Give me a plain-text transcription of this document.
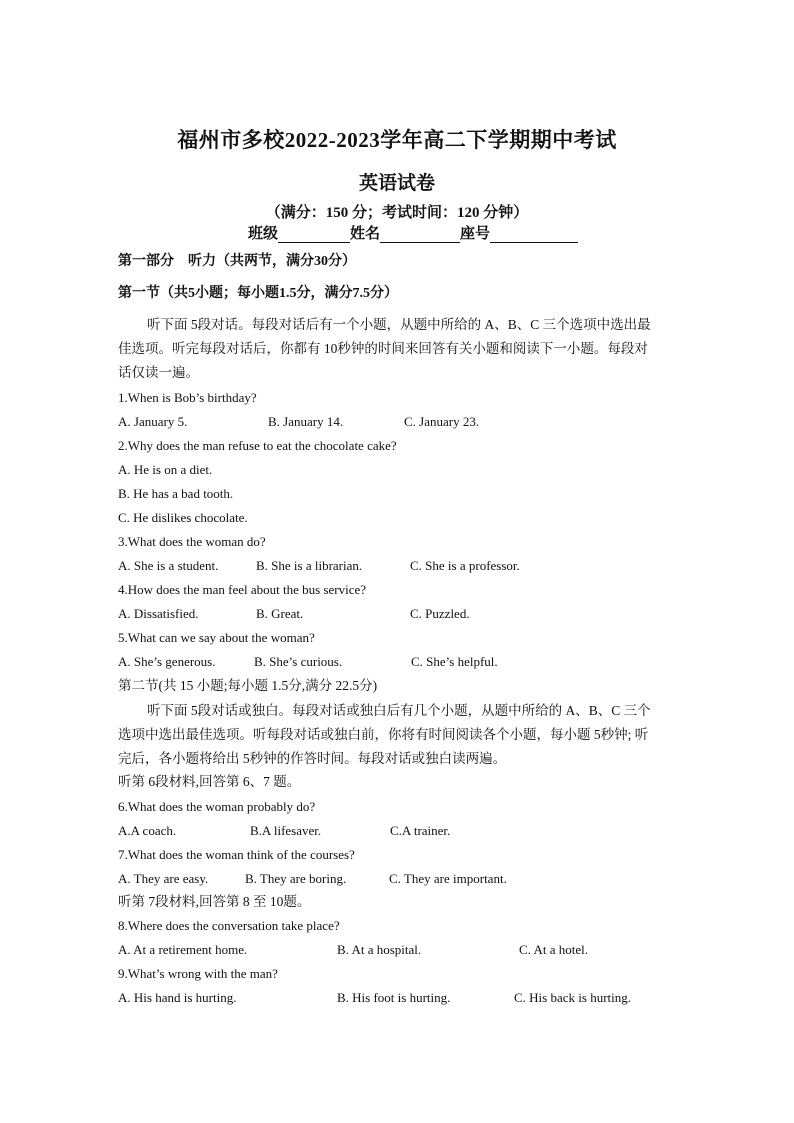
福州市多校2022-2023学年高二下学期期中考试
英语试卷
（满分：150 分；考试时间：120 分钟）
班级	姓名	座号
第一部分　听力（共两节，满分30分）
第一节（共5小题；每小题1.5分，满分7.5分）
听下面 5段对话。每段对话后有一个小题，从题中所给的 A、B、C 三个选项中选出最
佳选项。听完每段对话后，你都有 10秒钟的时间来回答有关小题和阅读下一小题。每段对
话仅读一遍。
1.When is Bob’s birthday?
A. January 5.	B. January 14.	C. January 23.
2.Why does the man refuse to eat the chocolate cake?
A. He is on a diet.
B. He has a bad tooth.
C. He dislikes chocolate.
3.What does the woman do?
A. She is a student.	B. She is a librarian.	C. She is a professor.
4.How does the man feel about the bus service?
A. Dissatisfied.	B. Great.	C. Puzzled.
5.What can we say about the woman?
A. She’s generous.	B. She’s curious.	C. She’s helpful.
第二节(共 15 小题;每小题 1.5分,满分 22.5分)
听下面 5段对话或独白。每段对话或独白后有几个小题，从题中所给的 A、B、C 三个
选项中选出最佳选项。听每段对话或独白前，你将有时间阅读各个小题，每小题 5秒钟; 听
完后，各小题将给出 5秒钟的作答时间。每段对话或独白读两遍。
听第 6段材料,回答第 6、7 题。
6.What does the woman probably do?
A.A coach.	B.A lifesaver.	C.A trainer.
7.What does the woman think of the courses?
A. They are easy.	B. They are boring.	C. They are important.
听第 7段材料,回答第 8 至 10题。
8.Where does the conversation take place?
A. At a retirement home.	B. At a hospital.	C. At a hotel.
9.What’s wrong with the man?
A. His hand is hurting.	B. His foot is hurting.	C. His back is hurting.
